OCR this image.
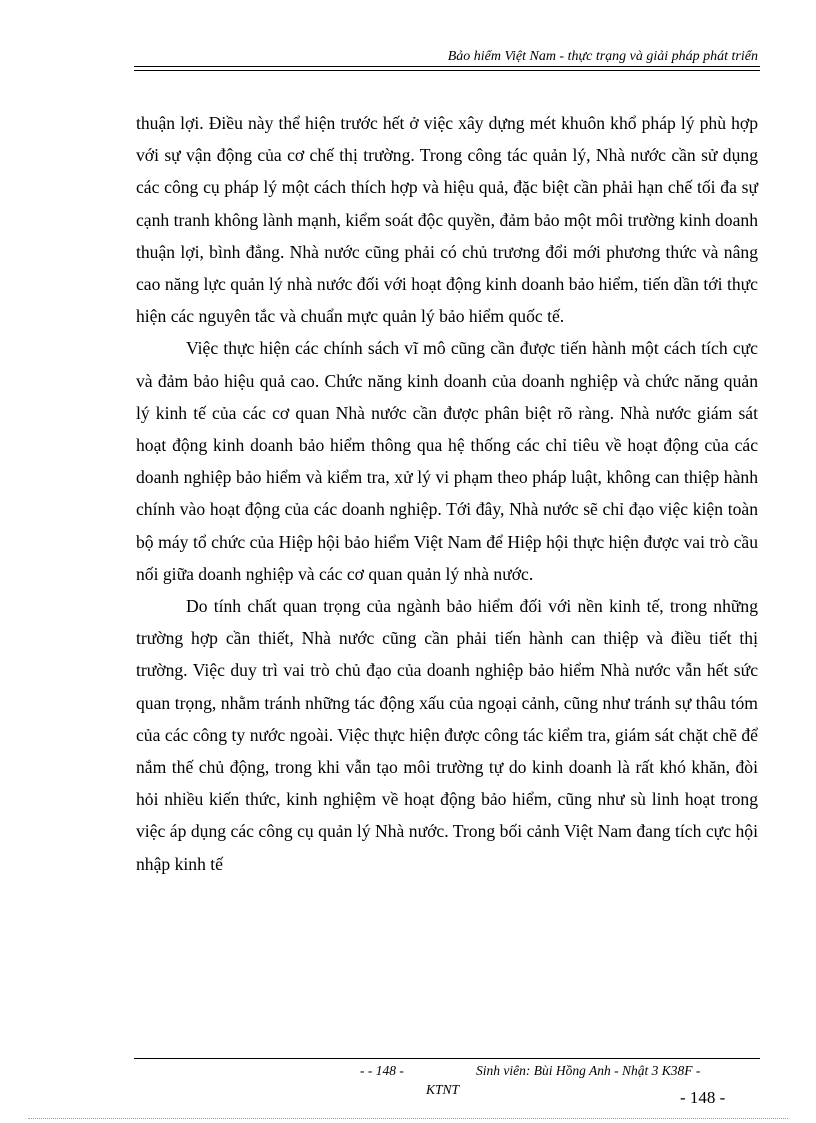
Bảo hiểm Việt Nam - thực trạng và giải pháp phát triển

thuận lợi. Điều này thể hiện trước hết ở việc xây dựng mét khuôn khổ pháp lý phù hợp với sự vận động của cơ chế thị trường. Trong công tác quản lý, Nhà nước cần sử dụng các công cụ pháp lý một cách thích hợp và hiệu quả, đặc biệt cần phải hạn chế tối đa sự cạnh tranh không lành mạnh, kiểm soát độc quyền, đảm bảo một môi trường kinh doanh thuận lợi, bình đẳng. Nhà nước cũng phải có chủ trương đổi mới phương thức và nâng cao năng lực quản lý nhà nước đối với hoạt động kinh doanh bảo hiểm, tiến dần tới thực hiện các nguyên tắc và chuẩn mực quản lý bảo hiểm quốc tế.

Việc thực hiện các chính sách vĩ mô cũng cần được tiến hành một cách tích cực và đảm bảo hiệu quả cao. Chức năng kinh doanh của doanh nghiệp và chức năng quản lý kinh tế của các cơ quan Nhà nước cần được phân biệt rõ ràng. Nhà nước giám sát hoạt động kinh doanh bảo hiểm thông qua hệ thống các chỉ tiêu về hoạt động của các doanh nghiệp bảo hiểm và kiểm tra, xử lý vi phạm theo pháp luật, không can thiệp hành chính vào hoạt động của các doanh nghiệp. Tới đây, Nhà nước sẽ chỉ đạo việc kiện toàn bộ máy tổ chức của Hiệp hội bảo hiểm Việt Nam để Hiệp hội thực hiện được vai trò cầu nối giữa doanh nghiệp và các cơ quan quản lý nhà nước.

Do tính chất quan trọng của ngành bảo hiểm đối với nền kinh tế, trong những trường hợp cần thiết, Nhà nước cũng cần phải tiến hành can thiệp và điều tiết thị trường. Việc duy trì vai trò chủ đạo của doanh nghiệp bảo hiểm Nhà nước vẫn hết sức quan trọng, nhằm tránh những tác động xấu của ngoại cảnh, cũng như tránh sự thâu tóm của các công ty nước ngoài. Việc thực hiện được công tác kiểm tra, giám sát chặt chẽ để nắm thế chủ động, trong khi vẫn tạo môi trường tự do kinh doanh là rất khó khăn, đòi hỏi nhiều kiến thức, kinh nghiệm về hoạt động bảo hiểm, cũng như sù linh hoạt trong việc áp dụng các công cụ quản lý Nhà nước. Trong bối cảnh Việt Nam đang tích cực hội nhập kinh tế

- - 148 -	Sinh viên: Bùi Hồng Anh - Nhật 3 K38F -
KTNT	- 148 -
